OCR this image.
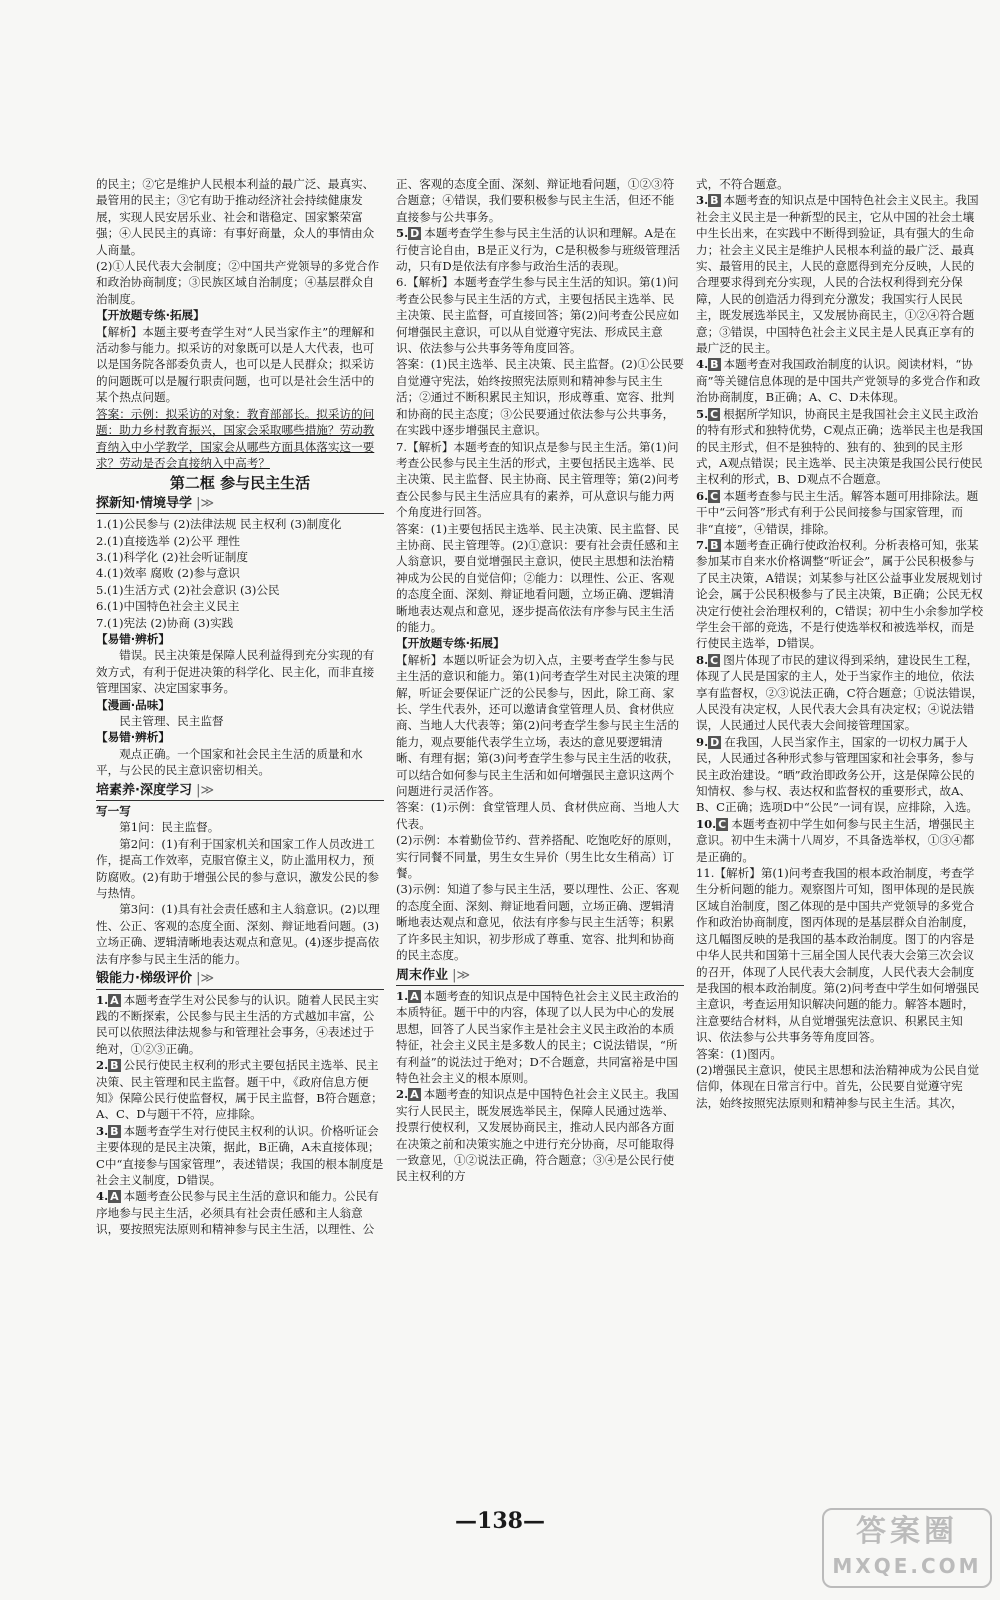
的民主；②它是维护人民根本利益的最广泛、最真实、最管用的民主；③它有助于推动经济社会持续健康发展，实现人民安居乐业、社会和谐稳定、国家繁荣富强；④人民民主的真谛：有事好商量，众人的事情由众人商量。

(2)①人民代表大会制度；②中国共产党领导的多党合作和政治协商制度；③民族区域自治制度；④基层群众自治制度。

【开放题专练·拓展】

【解析】本题主要考查学生对“人民当家作主”的理解和活动参与能力。拟采访的对象既可以是人大代表，也可以是国务院各部委负责人，也可以是人民群众；拟采访的问题既可以是履行职责问题，也可以是社会生活中的某个热点问题。

答案：示例：拟采访的对象：教育部部长。拟采访的问题：助力乡村教育振兴，国家会采取哪些措施？劳动教育纳入中小学教学，国家会从哪些方面具体落实这一要求？劳动是否会直接纳入中高考？

第二框 参与民主生活
探新知·情境导学 |≫

1.(1)公民参与 (2)法律法规 民主权利 (3)制度化

2.(1)直接选举 (2)公平 理性

3.(1)科学化 (2)社会听证制度

4.(1)效率 腐败 (2)参与意识

5.(1)生活方式 (2)社会意识 (3)公民

6.(1)中国特色社会主义民主

7.(1)宪法 (2)协商 (3)实践

【易错·辨析】

错误。民主决策是保障人民利益得到充分实现的有效方式，有利于促进决策的科学化、民主化，而非直接管理国家、决定国家事务。

【漫画·品味】

民主管理、民主监督

【易错·辨析】

观点正确。一个国家和社会民主生活的质量和水平，与公民的民主意识密切相关。

培素养·深度学习 |≫

写一写

第1问：民主监督。

第2问：(1)有利于国家机关和国家工作人员改进工作，提高工作效率，克服官僚主义，防止滥用权力，预防腐败。(2)有助于增强公民的参与意识，激发公民的参与热情。

第3问：(1)具有社会责任感和主人翁意识。(2)以理性、公正、客观的态度全面、深刻、辩证地看问题。(3)立场正确、逻辑清晰地表达观点和意见。(4)逐步提高依法有序参与民主生活的能力。

锻能力·梯级评价 |≫

1. A 本题考查学生对公民参与的认识。随着人民民主实践的不断探索，公民参与民主生活的方式越加丰富，公民可以依照法律法规参与和管理社会事务，④表述过于绝对，①②③正确。

2. B 公民行使民主权利的形式主要包括民主选举、民主决策、民主管理和民主监督。题干中，《政府信息方便知》保障公民行使监督权，属于民主监督，B符合题意；A、C、D与题干不符，应排除。

3. B 本题考查学生对行使民主权利的认识。价格听证会主要体现的是民主决策，据此，B正确，A未直接体现；C中“直接参与国家管理”，表述错误；我国的根本制度是社会主义制度，D错误。

4. A 本题考查公民参与民主生活的意识和能力。公民有序地参与民主生活，必须具有社会责任感和主人翁意识，要按照宪法原则和精神参与民主生活，以理性、公

正、客观的态度全面、深刻、辩证地看问题，①②③符合题意；④错误，我们要积极参与民主生活，但还不能直接参与公共事务。

5. D 本题考查学生参与民主生活的认识和理解。A是在行使言论自由，B是正义行为，C是积极参与班级管理活动，只有D是依法有序参与政治生活的表现。

6.【解析】本题考查学生参与民主生活的知识。第(1)问考查公民参与民主生活的方式，主要包括民主选举、民主决策、民主监督，可直接回答；第(2)问考查公民应如何增强民主意识，可以从自觉遵守宪法、形成民主意识、依法参与公共事务等角度回答。

答案：(1)民主选举、民主决策、民主监督。(2)①公民要自觉遵守宪法，始终按照宪法原则和精神参与民主生活；②通过不断积累民主知识，形成尊重、宽容、批判和协商的民主态度；③公民要通过依法参与公共事务，在实践中逐步增强民主意识。

7.【解析】本题考查的知识点是参与民主生活。第(1)问考查公民参与民主生活的形式，主要包括民主选举、民主决策、民主监督、民主协商、民主管理等；第(2)问考查公民参与民主生活应具有的素养，可从意识与能力两个角度进行回答。

答案：(1)主要包括民主选举、民主决策、民主监督、民主协商、民主管理等。(2)①意识：要有社会责任感和主人翁意识，要自觉增强民主意识，使民主思想和法治精神成为公民的自觉信仰；②能力：以理性、公正、客观的态度全面、深刻、辩证地看问题，立场正确、逻辑清晰地表达观点和意见，逐步提高依法有序参与民主生活的能力。

【开放题专练·拓展】

【解析】本题以听证会为切入点，主要考查学生参与民主生活的意识和能力。第(1)问考查学生对民主决策的理解，听证会要保证广泛的公民参与，因此，除工商、家长、学生代表外，还可以邀请食堂管理人员、食材供应商、当地人大代表等；第(2)问考查学生参与民主生活的能力，观点要能代表学生立场，表达的意见要逻辑清晰、有理有据；第(3)问考查学生参与民主生活的收获，可以结合如何参与民主生活和如何增强民主意识这两个问题进行灵活作答。

答案：(1)示例：食堂管理人员、食材供应商、当地人大代表。

(2)示例：本着勤俭节约、营养搭配、吃饱吃好的原则，实行同餐不同量，男生女生异价（男生比女生稍高）订餐。

(3)示例：知道了参与民主生活，要以理性、公正、客观的态度全面、深刻、辩证地看问题，立场正确、逻辑清晰地表达观点和意见，依法有序参与民主生活等；积累了许多民主知识，初步形成了尊重、宽容、批判和协商的民主态度。

周末作业 |≫

1. A 本题考查的知识点是中国特色社会主义民主政治的本质特征。题干中的内容，体现了以人民为中心的发展思想，回答了人民当家作主是社会主义民主政治的本质特征，社会主义民主是多数人的民主；C说法错误，“所有利益”的说法过于绝对；D不合题意，共同富裕是中国特色社会主义的根本原则。

2. A 本题考查的知识点是中国特色社会主义民主。我国实行人民民主，既发展选举民主，保障人民通过选举、投票行使权利，又发展协商民主，推动人民内部各方面在决策之前和决策实施之中进行充分协商，尽可能取得一致意见，①②说法正确，符合题意；③④是公民行使民主权利的方

式，不符合题意。

3. B 本题考查的知识点是中国特色社会主义民主。我国社会主义民主是一种新型的民主，它从中国的社会土壤中生长出来，在实践中不断得到验证，具有强大的生命力；社会主义民主是维护人民根本利益的最广泛、最真实、最管用的民主，人民的意愿得到充分反映，人民的合理要求得到充分实现，人民的合法权利得到充分保障，人民的创造活力得到充分激发；我国实行人民民主，既发展选举民主，又发展协商民主，①②④符合题意；③错误，中国特色社会主义民主是人民真正享有的最广泛的民主。

4. B 本题考查对我国政治制度的认识。阅读材料，“协商”等关键信息体现的是中国共产党领导的多党合作和政治协商制度，B正确；A、C、D未体现。

5. C 根据所学知识，协商民主是我国社会主义民主政治的特有形式和独特优势，C观点正确；选举民主也是我国的民主形式，但不是独特的、独有的、独到的民主形式，A观点错误；民主选举、民主决策是我国公民行使民主权利的形式，B、D观点不合题意。

6. C 本题考查参与民主生活。解答本题可用排除法。题干中“云问答”形式有利于公民间接参与国家管理，而非“直接”，④错误，排除。

7. B 本题考查正确行使政治权利。分析表格可知，张某参加某市自来水价格调整“听证会”，属于公民积极参与了民主决策，A错误；刘某参与社区公益事业发展规划讨论会，属于公民积极参与了民主决策，B正确；公民无权决定行使社会治理权利的，C错误；初中生小余参加学校学生会干部的竞选，不是行使选举权和被选举权，而是行使民主选举，D错误。

8. C 图片体现了市民的建议得到采纳，建设民生工程，体现了人民是国家的主人，处于当家作主的地位，依法享有监督权，②③说法正确，C符合题意；①说法错误，人民没有决定权，人民代表大会具有决定权；④说法错误，人民通过人民代表大会间接管理国家。

9. D 在我国，人民当家作主，国家的一切权力属于人民，人民通过各种形式参与管理国家和社会事务，参与民主政治建设。“晒”政治即政务公开，这是保障公民的知情权、参与权、表达权和监督权的重要形式，故A、B、C正确；选项D中“公民”一词有误，应排除，入选。

10. C 本题考查初中学生如何参与民主生活，增强民主意识。初中生未满十八周岁，不具备选举权，①③④都是正确的。

11.【解析】第(1)问考查我国的根本政治制度，考查学生分析问题的能力。观察图片可知，图甲体现的是民族区域自治制度，图乙体现的是中国共产党领导的多党合作和政治协商制度，图丙体现的是基层群众自治制度，这几幅图反映的是我国的基本政治制度。图丁的内容是中华人民共和国第十三届全国人民代表大会第三次会议的召开，体现了人民代表大会制度，人民代表大会制度是我国的根本政治制度。第(2)问考查中学生如何增强民主意识，考查运用知识解决问题的能力。解答本题时，注意要结合材料，从自觉增强宪法意识、积累民主知识、依法参与公共事务等角度回答。

答案：(1)图丙。

(2)增强民主意识，使民主思想和法治精神成为公民自觉信仰，体现在日常言行中。首先，公民要自觉遵守宪法，始终按照宪法原则和精神参与民主生活。其次，

—138—	答案圈
MXQE.COM
